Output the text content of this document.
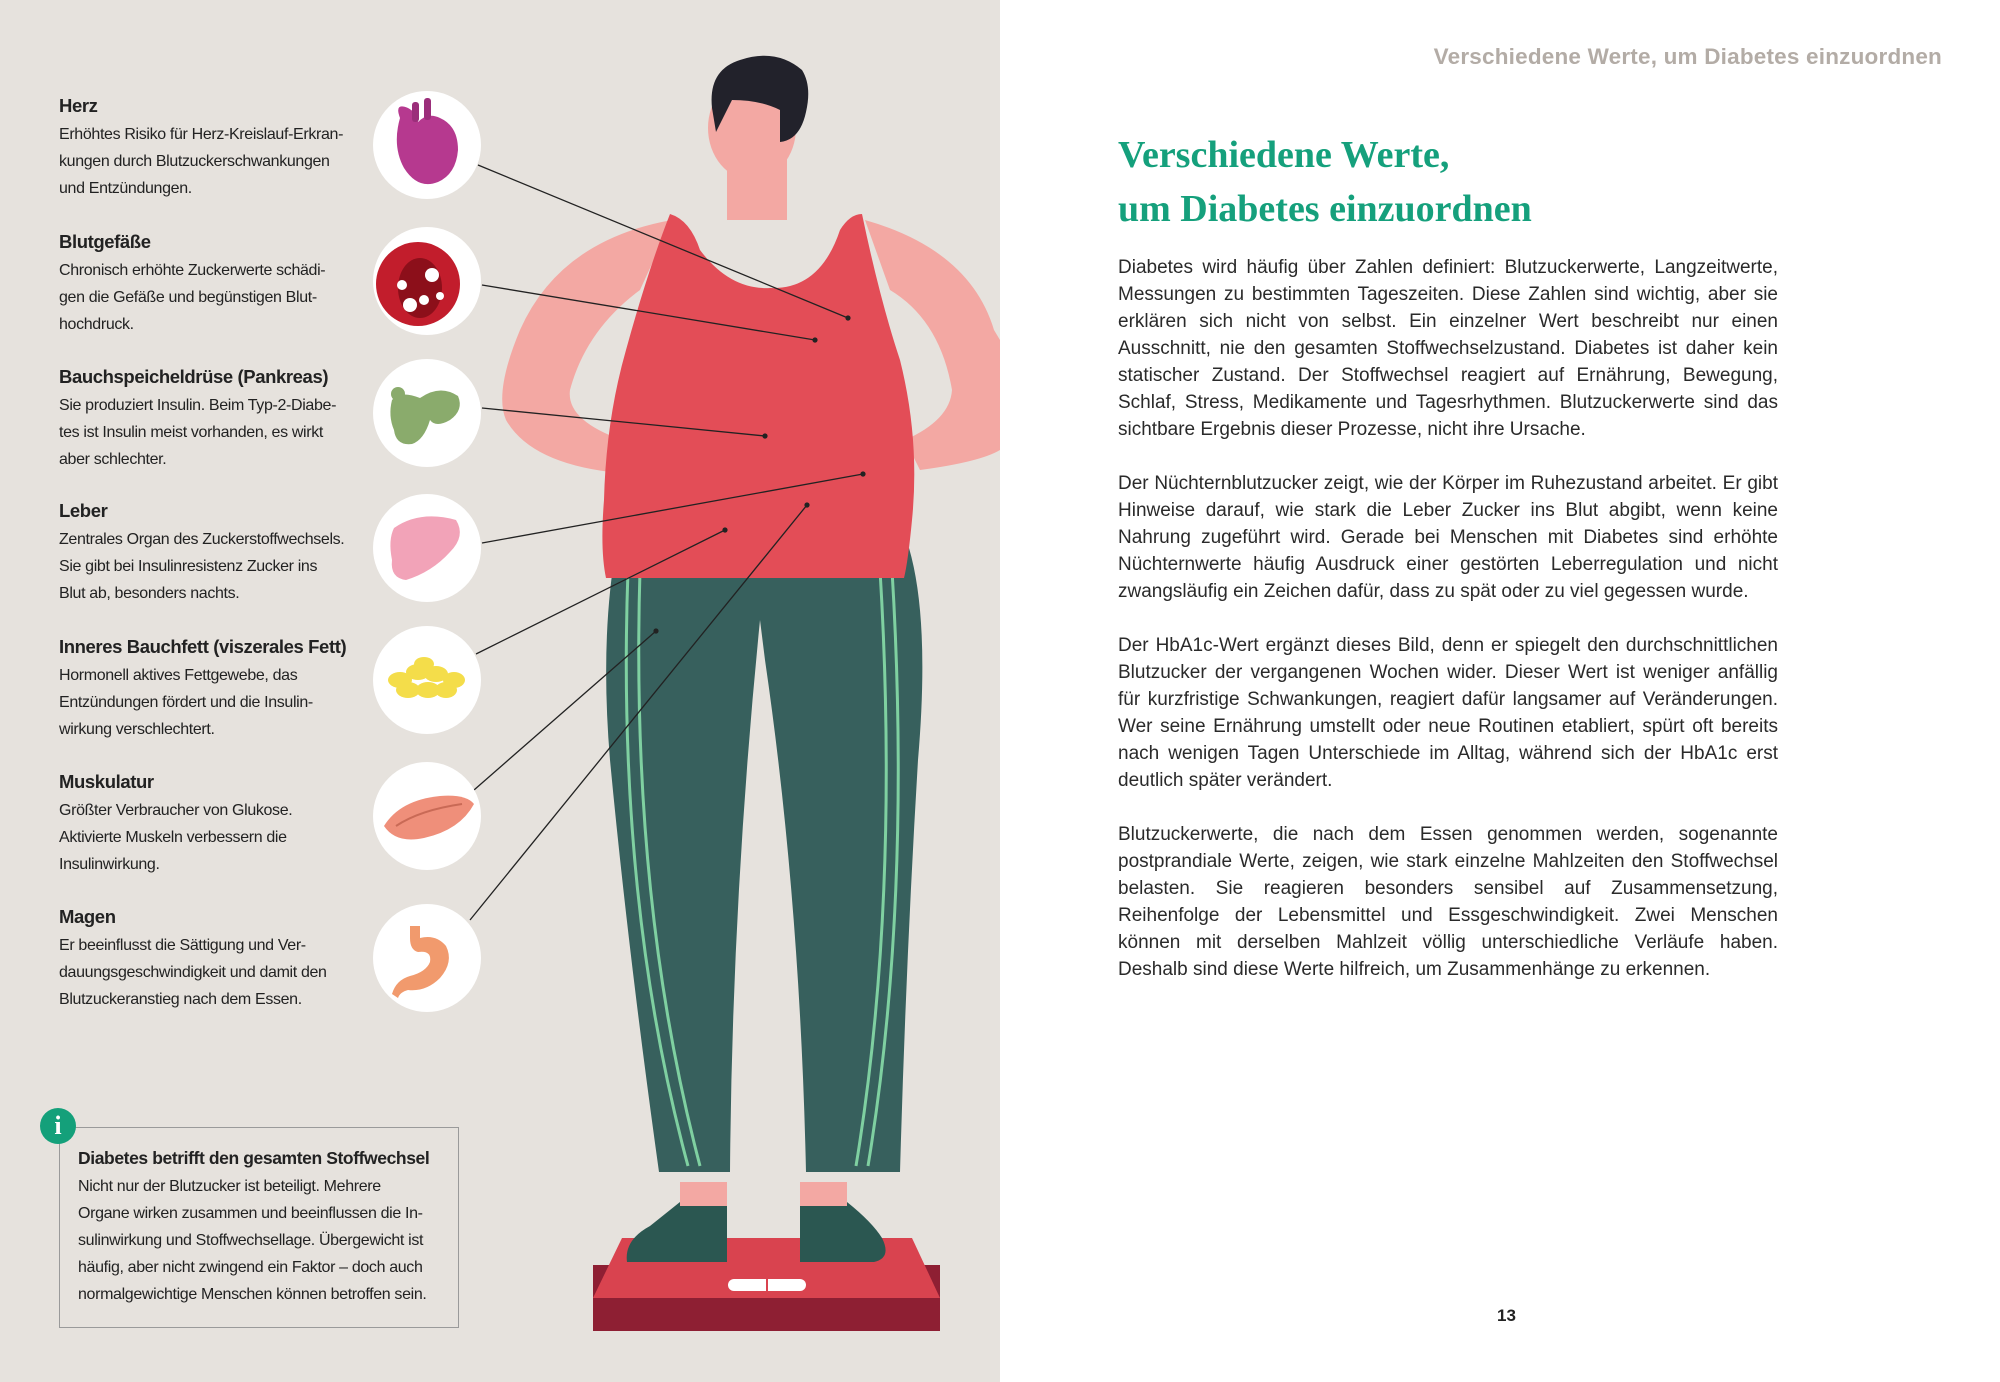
Herz
Erhöhtes Risiko für Herz-Kreislauf-Erkran-
kungen durch Blutzuckerschwankungen
und Entzündungen.
Blutgefäße
Chronisch erhöhte Zuckerwerte schädi-
gen die Gefäße und begünstigen Blut-
hochdruck.
Bauchspeicheldrüse (Pankreas)
Sie produziert Insulin. Beim Typ-2-Diabe-
tes ist Insulin meist vorhanden, es wirkt
aber schlechter.
Leber
Zentrales Organ des Zuckerstoffwechsels.
Sie gibt bei Insulinresistenz Zucker ins
Blut ab, besonders nachts.
Inneres Bauchfett (viszerales Fett)
Hormonell aktives Fettgewebe, das
Entzündungen fördert und die Insulin-
wirkung verschlechtert.
Muskulatur
Größter Verbraucher von Glukose.
Aktivierte Muskeln verbessern die
Insulinwirkung.
Magen
Er beeinflusst die Sättigung und Ver-
dauungsgeschwindigkeit und damit den
Blutzuckeranstieg nach dem Essen.
Diabetes betrifft den gesamten Stoffwechsel
Nicht nur der Blutzucker ist beteiligt. Mehrere
Organe wirken zusammen und beeinflussen die In-
sulinwirkung und Stoffwechsellage. Übergewicht ist
häufig, aber nicht zwingend ein Faktor – doch auch
normalgewichtige Menschen können betroffen sein.
i
Verschiedene Werte, um Diabetes einzuordnen
Verschiedene Werte,
um Diabetes einzuordnen

Diabetes wird häufig über Zahlen definiert: Blutzuckerwerte, Langzeitwerte, Messungen zu bestimmten Tageszeiten. Diese Zahlen sind wichtig, aber sie erklären sich nicht von selbst. Ein einzelner Wert beschreibt nur einen Ausschnitt, nie den gesamten Stoffwechselzustand. Diabetes ist daher kein statischer Zustand. Der Stoffwechsel reagiert auf Ernährung, Bewegung, Schlaf, Stress, Medikamente und Tagesrhythmen. Blutzuckerwerte sind das sichtbare Ergebnis dieser Prozesse, nicht ihre Ursache.

Der Nüchternblutzucker zeigt, wie der Körper im Ruhezustand arbeitet. Er gibt Hinweise darauf, wie stark die Leber Zucker ins Blut abgibt, wenn keine Nahrung zugeführt wird. Gerade bei Menschen mit Diabetes sind erhöhte Nüchternwerte häufig Ausdruck einer gestörten Leberregulation und nicht zwangsläufig ein Zeichen dafür, dass zu spät oder zu viel gegessen wurde.

Der HbA1c-Wert ergänzt dieses Bild, denn er spiegelt den durchschnittlichen Blutzucker der vergangenen Wochen wider. Dieser Wert ist weniger anfällig für kurzfristige Schwankungen, reagiert dafür langsamer auf Veränderungen. Wer seine Ernährung umstellt oder neue Routinen etabliert, spürt oft bereits nach wenigen Tagen Unterschiede im Alltag, während sich der HbA1c erst deutlich später verändert.

Blutzuckerwerte, die nach dem Essen genommen werden, sogenannte postprandiale Werte, zeigen, wie stark einzelne Mahlzeiten den Stoffwechsel belasten. Sie reagieren besonders sensibel auf Zusammensetzung, Reihenfolge der Lebensmittel und Essgeschwindigkeit. Zwei Menschen können mit derselben Mahlzeit völlig unterschiedliche Verläufe haben. Deshalb sind diese Werte hilfreich, um Zusammenhänge zu erkennen.

13
